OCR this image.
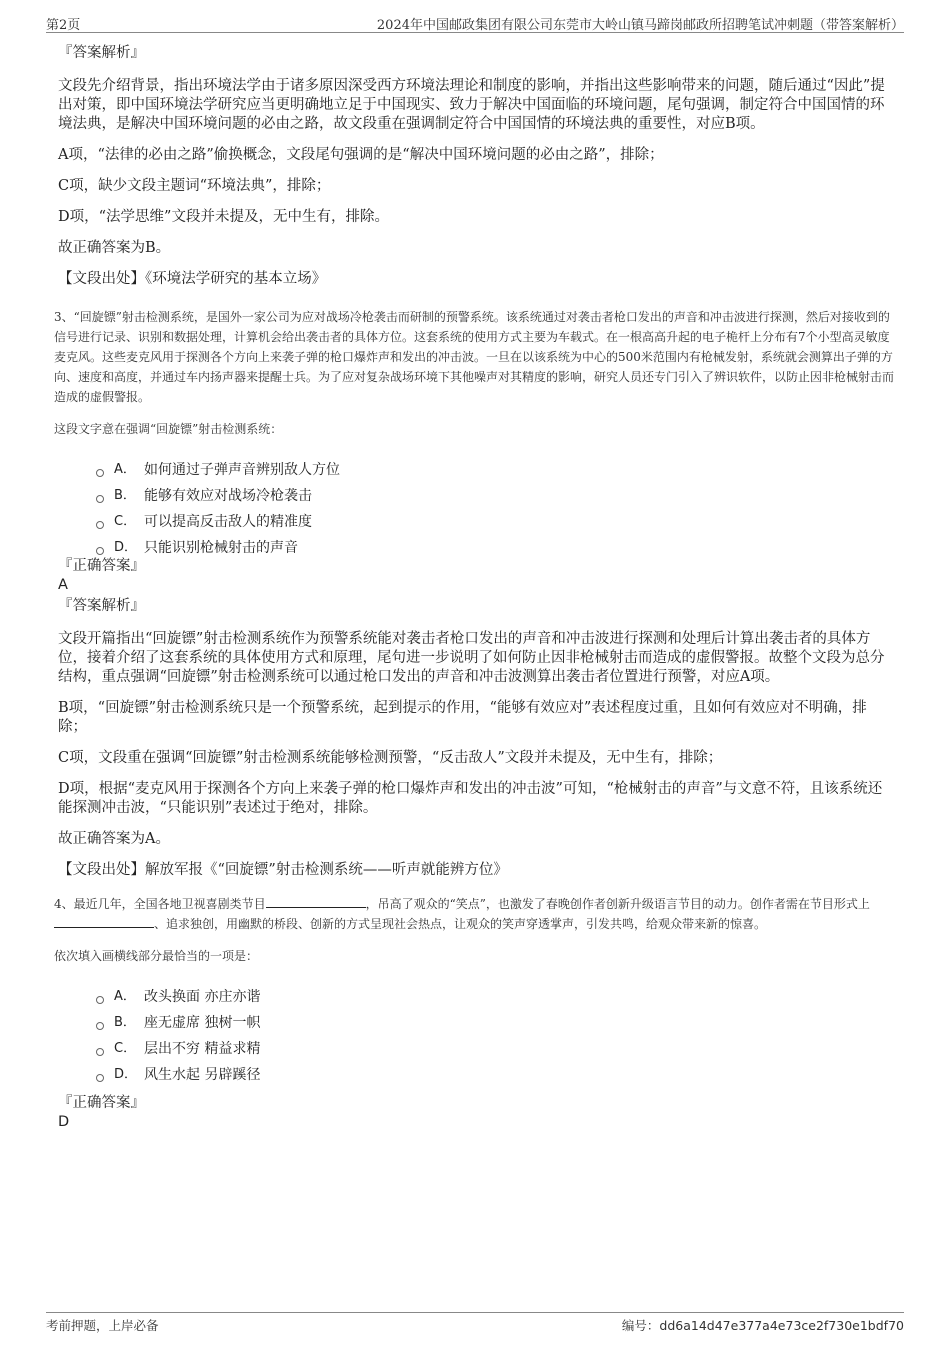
第2页	2024年中国邮政集团有限公司东莞市大岭山镇马蹄岗邮政所招聘笔试冲刺题（带答案解析）

『答案解析』

文段先介绍背景，指出环境法学由于诸多原因深受西方环境法理论和制度的影响，并指出这些影响带来的问题，随后通过“因此”提出对策，即中国环境法学研究应当更明确地立足于中国现实、致力于解决中国面临的环境问题，尾句强调，制定符合中国国情的环境法典，是解决中国环境问题的必由之路，故文段重在强调制定符合中国国情的环境法典的重要性，对应B项。

A项，“法律的必由之路”偷换概念，文段尾句强调的是“解决中国环境问题的必由之路”，排除；

C项，缺少文段主题词“环境法典”，排除；

D项，“法学思维”文段并未提及，无中生有，排除。

故正确答案为B。

【文段出处】《环境法学研究的基本立场》

3、“回旋镖”射击检测系统，是国外一家公司为应对战场冷枪袭击而研制的预警系统。该系统通过对袭击者枪口发出的声音和冲击波进行探测，然后对接收到的信号进行记录、识别和数据处理，计算机会给出袭击者的具体方位。这套系统的使用方式主要为车载式。在一根高高升起的电子桅杆上分布有7个小型高灵敏度麦克风。这些麦克风用于探测各个方向上来袭子弹的枪口爆炸声和发出的冲击波。一旦在以该系统为中心的500米范围内有枪械发射，系统就会测算出子弹的方向、速度和高度，并通过车内扬声器来提醒士兵。为了应对复杂战场环境下其他噪声对其精度的影响，研究人员还专门引入了辨识软件，以防止因非枪械射击而造成的虚假警报。

这段文字意在强调“回旋镖”射击检测系统：

A． 如何通过子弹声音辨别敌人方位
B． 能够有效应对战场冷枪袭击
C． 可以提高反击敌人的精准度
D． 只能识别枪械射击的声音

『正确答案』

A

『答案解析』

文段开篇指出“回旋镖”射击检测系统作为预警系统能对袭击者枪口发出的声音和冲击波进行探测和处理后计算出袭击者的具体方位，接着介绍了这套系统的具体使用方式和原理，尾句进一步说明了如何防止因非枪械射击而造成的虚假警报。故整个文段为总分结构，重点强调“回旋镖”射击检测系统可以通过枪口发出的声音和冲击波测算出袭击者位置进行预警，对应A项。

B项，“回旋镖”射击检测系统只是一个预警系统，起到提示的作用，“能够有效应对”表述程度过重，且如何有效应对不明确，排除；

C项，文段重在强调“回旋镖”射击检测系统能够检测预警，“反击敌人”文段并未提及，无中生有，排除；

D项，根据“麦克风用于探测各个方向上来袭子弹的枪口爆炸声和发出的冲击波”可知，“枪械射击的声音”与文意不符，且该系统还能探测冲击波，“只能识别”表述过于绝对，排除。

故正确答案为A。

【文段出处】解放军报《“回旋镖”射击检测系统——听声就能辨方位》

4、最近几年，全国各地卫视喜剧类节目	，吊高了观众的“笑点”，也激发了春晚创作者创新升级语言节目的动力。创作者需在节目形式上、追求独创，用幽默的桥段、创新的方式呈现社会热点，让观众的笑声穿透掌声，引发共鸣，给观众带来新的惊喜。

依次填入画横线部分最恰当的一项是：

A． 改头换面 亦庄亦谐
B． 座无虚席 独树一帜
C． 层出不穷 精益求精
D． 风生水起 另辟蹊径

『正确答案』

D

考前押题，上岸必备	编号：dd6a14d47e377a4e73ce2f730e1bdf70
